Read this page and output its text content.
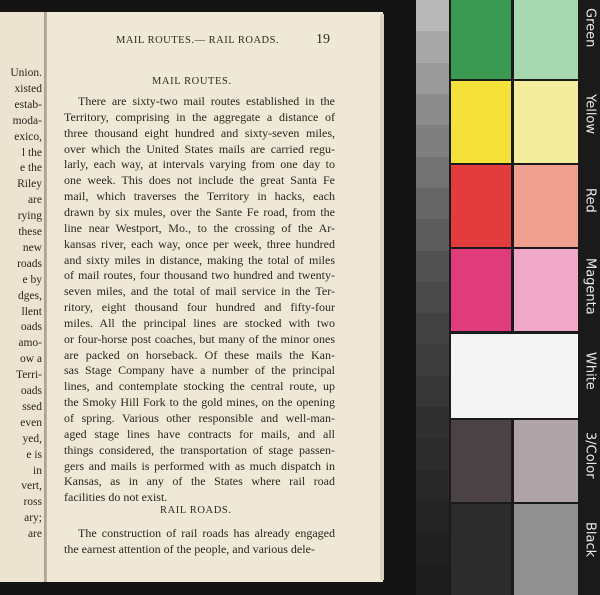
Union.
xisted
estab-
moda-
exico,
l the
e the
Riley
are
rying
these
new
roads
e by
dges,
llent
oads
amo-
ow a
Terri-
oads
ssed
even
yed,
e is
in
vert,
ross
ary;
are
MAIL ROUTES.— RAIL ROADS.	19
MAIL ROUTES.
There are sixty-two mail routes established in the
Territory, comprising in the aggregate a distance of
three thousand eight hundred and sixty-seven miles,
over which the United States mails are carried regu-
larly, each way, at intervals varying from one day to
one week. This does not include the great Santa Fe
mail, which traverses the Territory in hacks, each
drawn by six mules, over the Sante Fe road, from the
line near Westport, Mo., to the crossing of the Ar-
kansas river, each way, once per week, three hundred
and sixty miles in distance, making the total of miles
of mail routes, four thousand two hundred and twenty-
seven miles, and the total of mail service in the Ter-
ritory, eight thousand four hundred and fifty-four
miles. All the principal lines are stocked with two
or four-horse post coaches, but many of the minor ones
are packed on horseback. Of these mails the Kan-
sas Stage Company have a number of the principal
lines, and contemplate stocking the central route, up
the Smoky Hill Fork to the gold mines, on the opening
of spring. Various other responsible and well-man-
aged stage lines have contracts for mails, and all
things considered, the transportation of stage passen-
gers and mails is performed with as much dispatch in
Kansas, as in any of the States where rail road
facilities do not exist.
RAIL ROADS.
The construction of rail roads has already engaged
the earnest attention of the people, and various dele-
Green
Yellow
Red
Magenta
White
3/Color
Black
